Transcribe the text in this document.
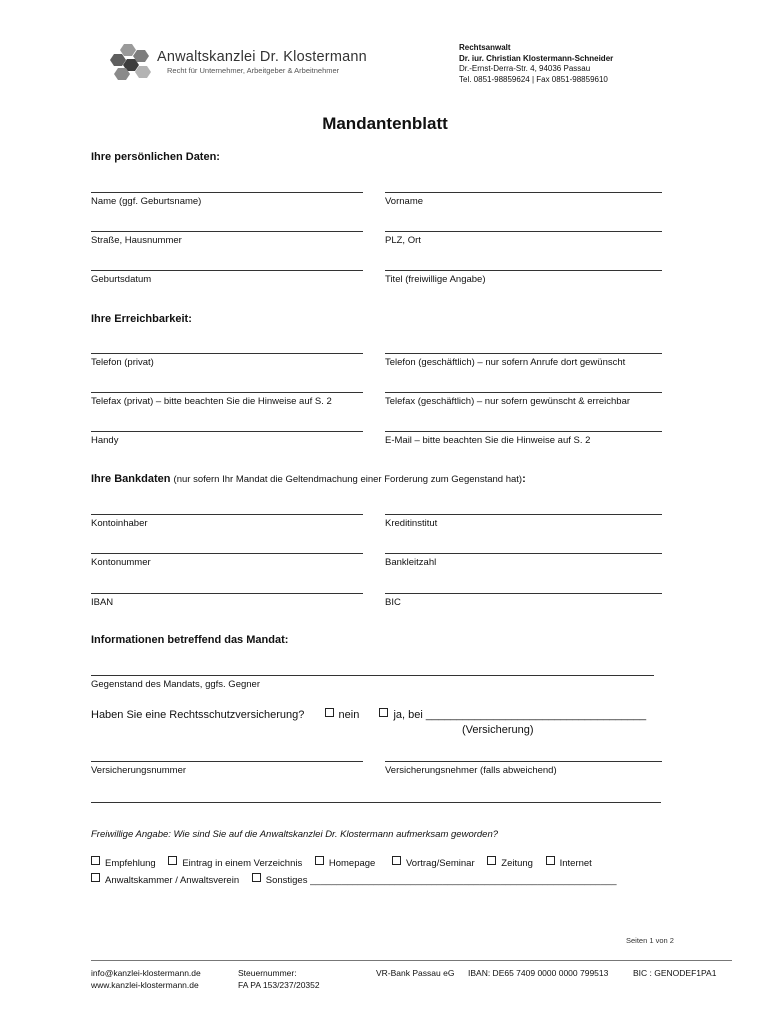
Anwaltskanzlei Dr. Klostermann
Recht für Unternehmer, Arbeitgeber & Arbeitnehmer
Rechtsanwalt
Dr. iur. Christian Klostermann-Schneider
Dr.-Ernst-Derra-Str. 4, 94036 Passau
Tel. 0851-98859624 | Fax 0851-98859610
Mandantenblatt
Ihre persönlichen Daten:
Name (ggf. Geburtsname)	Vorname
Straße, Hausnummer	PLZ, Ort
Geburtsdatum	Titel (freiwillige Angabe)
Ihre Erreichbarkeit:
Telefon (privat)	Telefon (geschäftlich) – nur sofern Anrufe dort gewünscht
Telefax (privat) – bitte beachten Sie die Hinweise auf S. 2	Telefax (geschäftlich) – nur sofern gewünscht & erreichbar
Handy	E-Mail – bitte beachten Sie die Hinweise auf S. 2
Ihre Bankdaten (nur sofern Ihr Mandat die Geltendmachung einer Forderung zum Gegenstand hat):
Kontoinhaber	Kreditinstitut
Kontonummer	Bankleitzahl
IBAN	BIC
Informationen betreffend das Mandat:
Gegenstand des Mandats, ggfs. Gegner
Haben Sie eine Rechtsschutzversicherung?	nein	ja, bei ____________________________________
(Versicherung)
Versicherungsnummer	Versicherungsnehmer (falls abweichend)
Freiwillige Angabe: Wie sind Sie auf die Anwaltskanzlei Dr. Klostermann aufmerksam geworden?
Empfehlung	Eintrag in einem Verzeichnis	Homepage	Vortrag/Seminar	Zeitung	Internet
Anwaltskammer / Anwaltsverein	Sonstiges __________________________________________________________
Seiten 1 von 2
info@kanzlei-klostermann.de
www.kanzlei-klostermann.de
Steuernummer:
FA PA 153/237/20352
VR-Bank Passau eG IBAN: DE65 7409 0000 0000 799513	BIC : GENODEF1PA1
